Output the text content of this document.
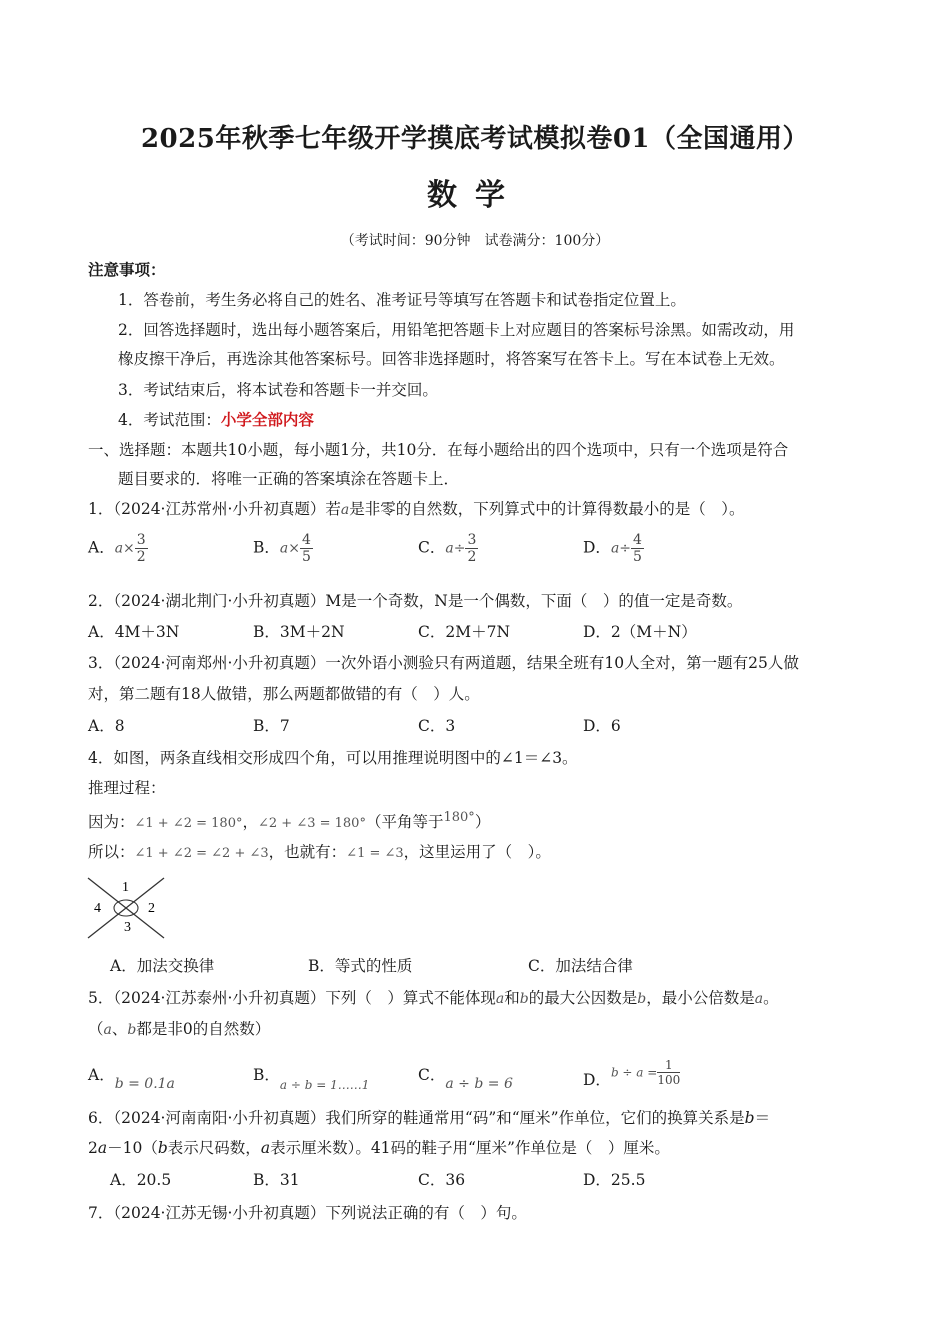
2025年秋季七年级开学摸底考试模拟卷01（全国通用）
数学
（考试时间：90分钟　试卷满分：100分）
注意事项：
1．答卷前，考生务必将自己的姓名、准考证号等填写在答题卡和试卷指定位置上。
2．回答选择题时，选出每小题答案后，用铅笔把答题卡上对应题目的答案标号涂黑。如需改动，用
橡皮擦干净后，再选涂其他答案标号。回答非选择题时，将答案写在答卡上。写在本试卷上无效。
3．考试结束后，将本试卷和答题卡一并交回。
4．考试范围：小学全部内容
一、选择题：本题共10小题，每小题1分，共10分．在每小题给出的四个选项中，只有一个选项是符合
题目要求的．将唯一正确的答案填涂在答题卡上．
1．（2024·江苏常州·小升初真题）若a是非零的自然数，下列算式中的计算得数最小的是（　）。
A．$a\times \frac{3}{2}$	B．$a\times \frac{4}{5}$	C．$a\div \frac{3}{2}$	D．$a\div \frac{4}{5}$
2．（2024·湖北荆门·小升初真题）M是一个奇数，N是一个偶数，下面（　）的值一定是奇数。
A．4M＋3N	B．3M＋2N	C．2M＋7N	D．2（M＋N）
3．（2024·河南郑州·小升初真题）一次外语小测验只有两道题，结果全班有10人全对，第一题有25人做
对，第二题有18人做错，那么两题都做错的有（　）人。
A．8	B．7	C．3	D．6
4．如图，两条直线相交形成四个角，可以用推理说明图中的∠1＝∠3。
推理过程：
因为：∠1 + ∠2 = 180°，∠2 + ∠3 = 180°（平角等于$^{180^\circ}$）
所以：∠1 + ∠2 = ∠2 + ∠3，也就有：∠1 = ∠3，这里运用了（　）。
1
2
3
4
A．加法交换律	B．等式的性质	C．加法结合律
5．（2024·江苏泰州·小升初真题）下列（　）算式不能体现a和b的最大公因数是b，最小公倍数是a。
（a、b都是非0的自然数）
A．b = 0.1a	B．$_{a \div b = 1\dots\dots 1}$
C．a ÷ b = 6	D．$b \div a = \frac{1}{100}$
6．（2024·河南南阳·小升初真题）我们所穿的鞋通常用“码”和“厘米”作单位，它们的换算关系是b＝
2a－10（b表示尺码数，a表示厘米数）。41码的鞋子用“厘米”作单位是（　）厘米。
A．20.5	B．31	C．36	D．25.5
7．（2024·江苏无锡·小升初真题）下列说法正确的有（　）句。
